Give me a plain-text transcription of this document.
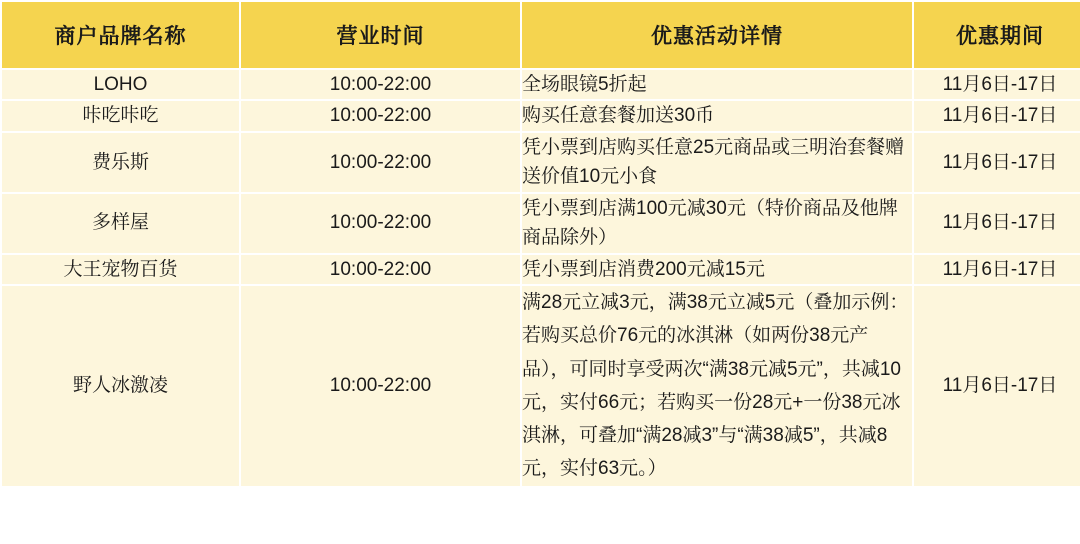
商户品牌名称	营业时间	优惠活动详情	优惠期间
LOHO	10:00-22:00	全场眼镜5折起	11月6日-17日
咔吃咔吃	10:00-22:00	购买任意套餐加送30币	11月6日-17日
费乐斯	10:00-22:00	凭小票到店购买任意25元商品或三明治套餐赠送价值10元小食	11月6日-17日
多样屋	10:00-22:00	凭小票到店满100元减30元（特价商品及他牌商品除外）	11月6日-17日
大王宠物百货	10:00-22:00	凭小票到店消费200元减15元	11月6日-17日
野人冰激凌	10:00-22:00	满28元立减3元，满38元立减5元（叠加示例：若购买总价76元的冰淇淋（如两份38元产品），可同时享受两次“满38元减5元”，共减10元，实付66元；若购买一份28元+一份38元冰淇淋，可叠加“满28减3”与“满38减5”，共减8元，实付63元。）	11月6日-17日
